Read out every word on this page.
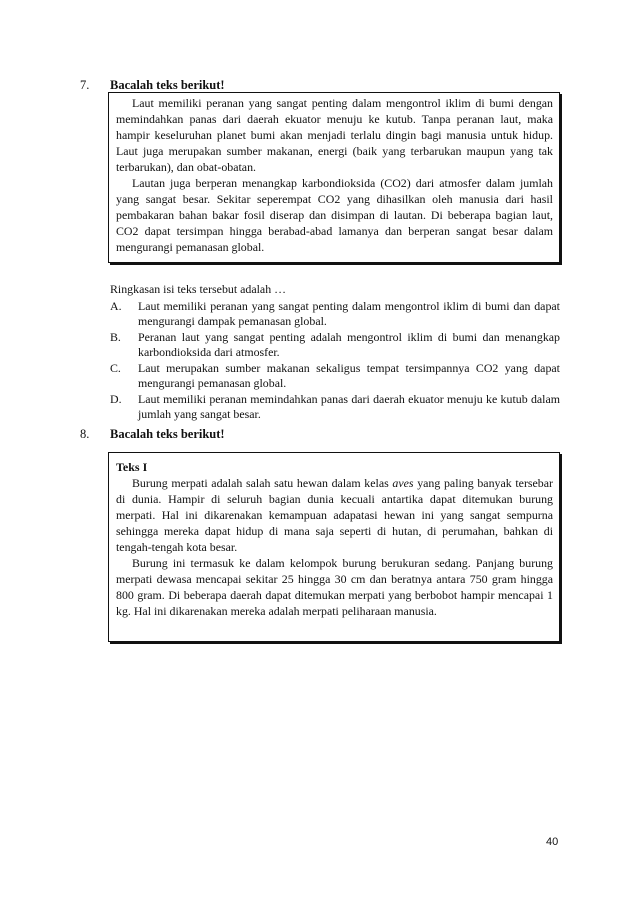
7. Bacalah teks berikut!

Laut memiliki peranan yang sangat penting dalam mengontrol iklim di bumi dengan memindahkan panas dari daerah ekuator menuju ke kutub. Tanpa peranan laut, maka hampir keseluruhan planet bumi akan menjadi terlalu dingin bagi manusia untuk hidup. Laut juga merupakan sumber makanan, energi (baik yang terbarukan maupun yang tak terbarukan), dan obat-obatan.

Lautan juga berperan menangkap karbondioksida (CO2) dari atmosfer dalam jumlah yang sangat besar. Sekitar seperempat CO2 yang dihasilkan oleh manusia dari hasil pembakaran bahan bakar fosil diserap dan disimpan di lautan. Di beberapa bagian laut, CO2 dapat tersimpan hingga berabad-abad lamanya dan berperan sangat besar dalam mengurangi pemanasan global.

Ringkasan isi teks tersebut adalah …

A.	Laut memiliki peranan yang sangat penting dalam mengontrol iklim di bumi dan dapat mengurangi dampak pemanasan global.
B.	Peranan laut yang sangat penting adalah mengontrol iklim di bumi dan menangkap karbondioksida dari atmosfer.
C.	Laut merupakan sumber makanan sekaligus tempat tersimpannya CO2 yang dapat mengurangi pemanasan global.
D.	Laut memiliki peranan memindahkan panas dari daerah ekuator menuju ke kutub dalam jumlah yang sangat besar.
8. Bacalah teks berikut!

Teks I

Burung merpati adalah salah satu hewan dalam kelas aves yang paling banyak tersebar di dunia. Hampir di seluruh bagian dunia kecuali antartika dapat ditemukan burung merpati. Hal ini dikarenakan kemampuan adapatasi hewan ini yang sangat sempurna sehingga mereka dapat hidup di mana saja seperti di hutan, di perumahan, bahkan di tengah-tengah kota besar.

Burung ini termasuk ke dalam kelompok burung berukuran sedang. Panjang burung merpati dewasa mencapai sekitar 25 hingga 30 cm dan beratnya antara 750 gram hingga 800 gram. Di beberapa daerah dapat ditemukan merpati yang berbobot hampir mencapai 1 kg. Hal ini dikarenakan mereka adalah merpati peliharaan manusia.

40
